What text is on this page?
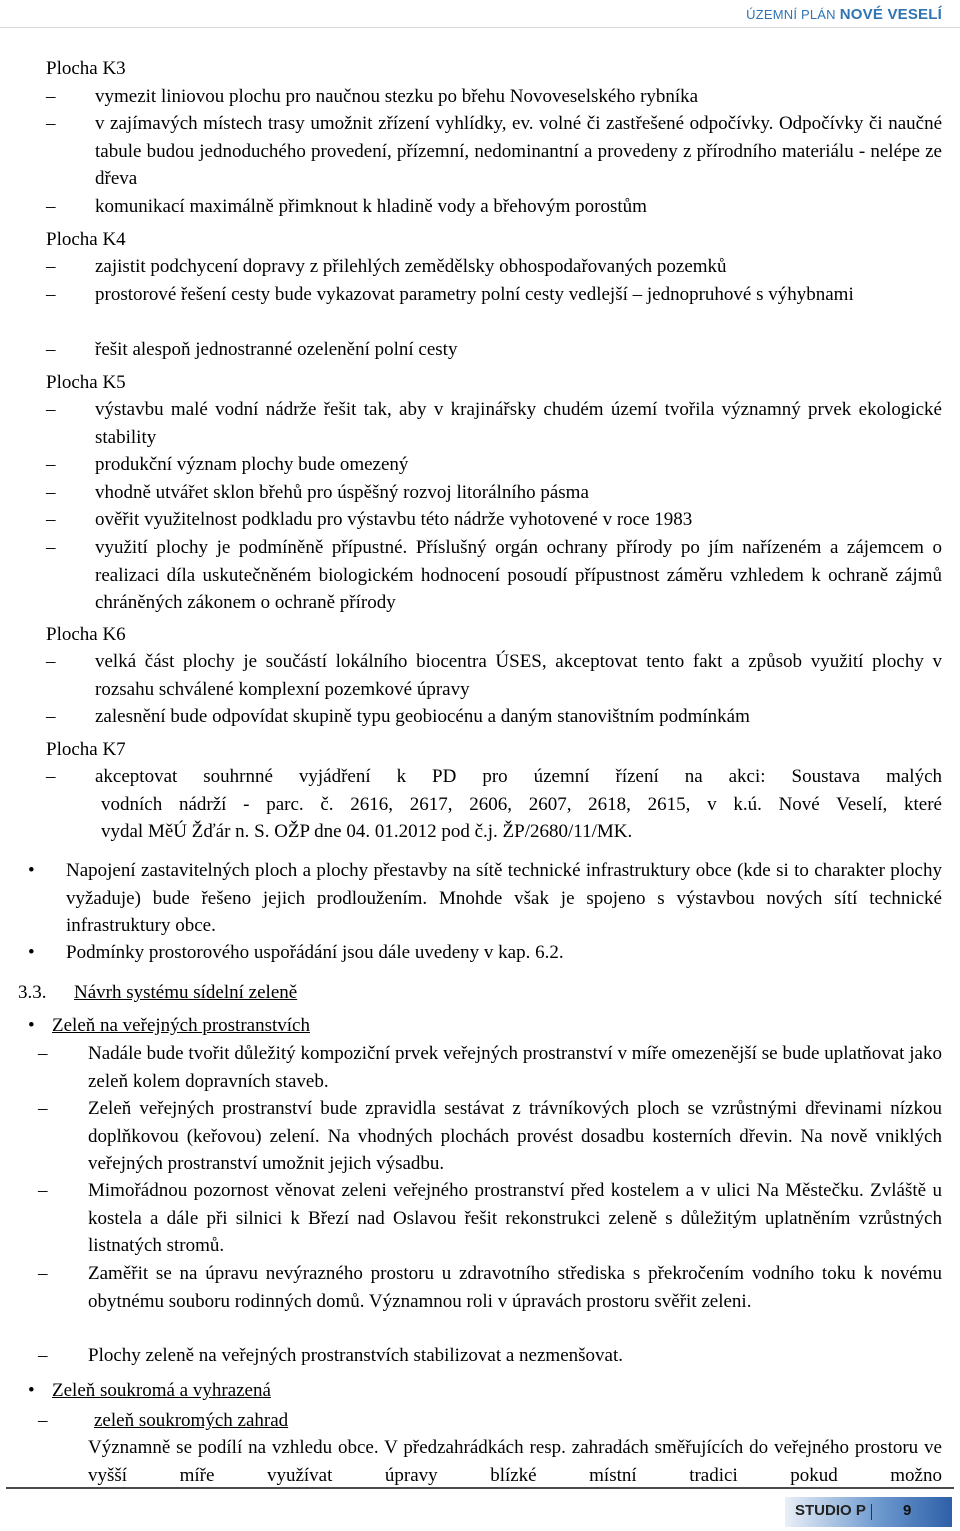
ÚZEMNÍ PLÁN NOVÉ VESELÍ
Plocha K3
–	vymezit liniovou plochu pro naučnou stezku po břehu Novoveselského rybníka
–	v zajímavých místech trasy umožnit zřízení vyhlídky, ev. volné či zastřešené odpočívky. Odpočívky či naučné tabule budou jednoduchého provedení, přízemní, nedominantní a provedeny z přírodního materiálu - nelépe ze dřeva
–	komunikací maximálně přimknout k hladině vody a břehovým porostům
Plocha K4
–	zajistit podchycení dopravy z přilehlých zemědělsky obhospodařovaných pozemků
–	prostorové řešení cesty bude vykazovat parametry polní cesty vedlejší – jednopruhové s výhybnami
–	řešit alespoň jednostranné ozelenění polní cesty
Plocha K5
–	výstavbu malé vodní nádrže řešit tak, aby v krajinářsky chudém území tvořila významný prvek ekologické stability
–	produkční význam plochy bude omezený
–	vhodně utvářet sklon břehů pro úspěšný rozvoj litorálního pásma
–	ověřit využitelnost podkladu pro výstavbu této nádrže vyhotovené v roce 1983
–	využití plochy je podmíněně přípustné. Příslušný orgán ochrany přírody po jím nařízeném a zájemcem o realizaci díla uskutečněném biologickém hodnocení posoudí přípustnost záměru vzhledem k ochraně zájmů chráněných zákonem o ochraně přírody
Plocha K6
–	velká část plochy je součástí lokálního biocentra ÚSES, akceptovat tento fakt a způsob využití plochy v rozsahu schválené komplexní pozemkové úpravy
–	zalesnění bude odpovídat skupině typu geobiocénu a daným stanovištním podmínkám
Plocha K7
–	akceptovat souhrnné vyjádření k PD pro územní řízení na akci: Soustava malých
vodních nádrží - parc. č. 2616, 2617, 2606, 2607, 2618, 2615, v k.ú. Nové Veselí, které
vydal MěÚ Žďár n. S. OŽP dne 04. 01.2012 pod č.j. ŽP/2680/11/MK.
• Napojení zastavitelných ploch a plochy přestavby na sítě technické infrastruktury obce (kde si to charakter plochy vyžaduje) bude řešeno jejich prodloužením. Mnohde však je spojeno s výstavbou nových sítí technické infrastruktury obce.
• Podmínky prostorového uspořádání jsou dále uvedeny v kap. 6.2.
3.3. Návrh systému sídelní zeleně
• Zeleň na veřejných prostranstvích
–	Nadále bude tvořit důležitý kompoziční prvek veřejných prostranství v míře omezenější se bude uplatňovat jako zeleň kolem dopravních staveb.
–	Zeleň veřejných prostranství bude zpravidla sestávat z trávníkových ploch se vzrůstnými dřevinami nízkou doplňkovou (keřovou) zelení. Na vhodných plochách provést dosadbu kosterních dřevin. Na nově vniklých veřejných prostranství umožnit jejich výsadbu.
–	Mimořádnou pozornost věnovat zeleni veřejného prostranství před kostelem a v ulici Na Městečku. Zvláště u kostela a dále při silnici k Březí nad Oslavou řešit rekonstrukci zeleně s důležitým uplatněním vzrůstných listnatých stromů.
–	Zaměřit se na úpravu nevýrazného prostoru u zdravotního střediska s překročením vodního toku k novému obytnému souboru rodinných domů. Významnou roli v úpravách prostoru svěřit zeleni.
–	Plochy zeleně na veřejných prostranstvích stabilizovat a nezmenšovat.
• Zeleň soukromá a vyhrazená
–	zeleň soukromých zahrad
Významně se podílí na vzhledu obce. V předzahrádkách resp. zahradách směřujících do veřejného prostoru ve vyšší míře využívat úpravy blízké místní tradici pokud možno
STUDIO P 9
